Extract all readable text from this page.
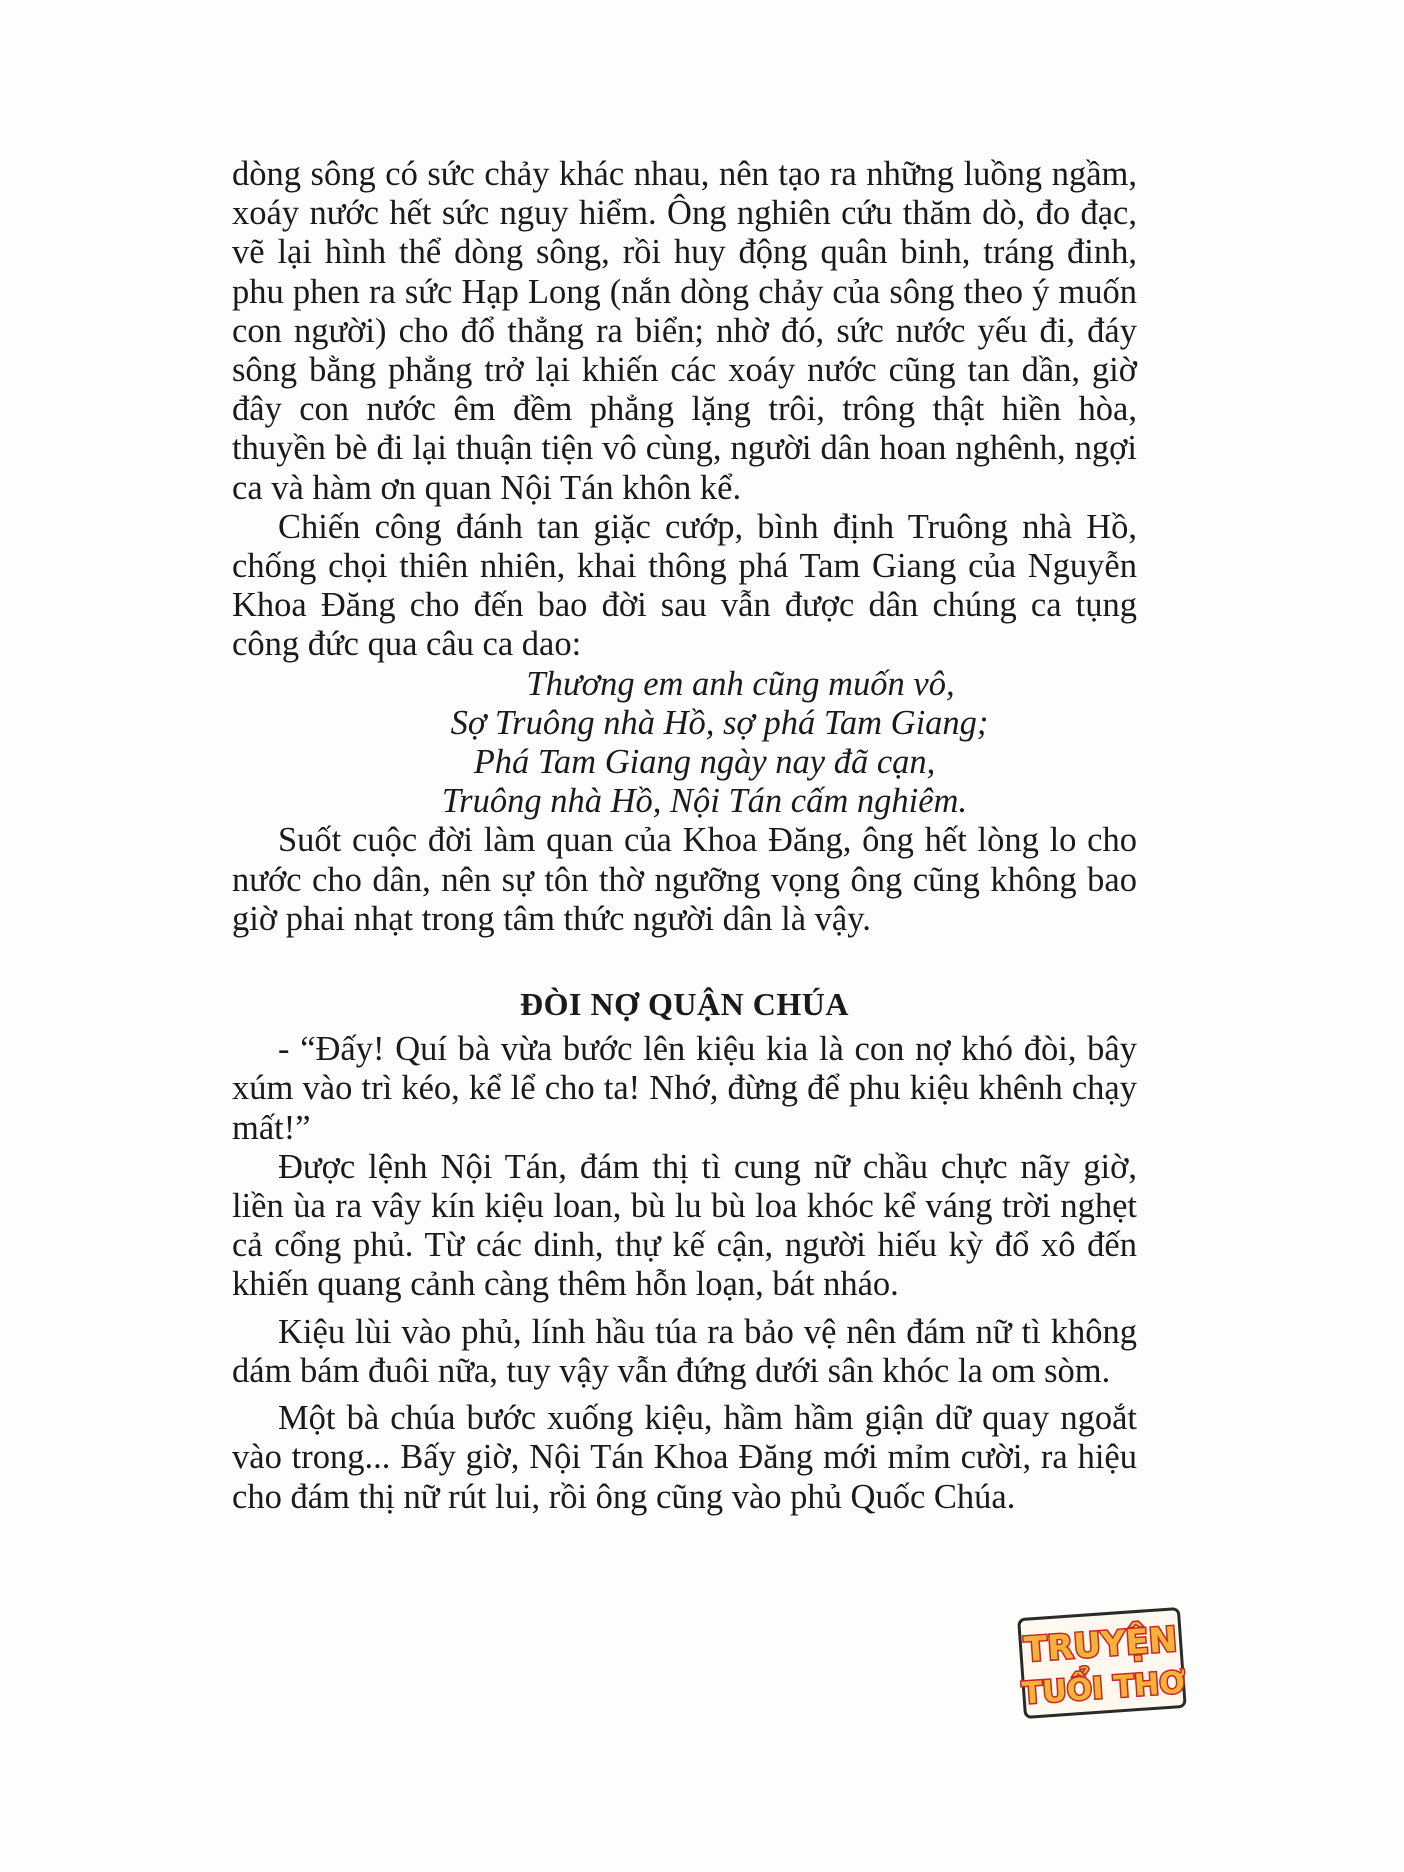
dòng sông có sức chảy khác nhau, nên tạo ra những luồng ngầm, xoáy nước hết sức nguy hiểm. Ông nghiên cứu thăm dò, đo đạc, vẽ lại hình thể dòng sông, rồi huy động quân binh, tráng đinh, phu phen ra sức Hạp Long (nắn dòng chảy của sông theo ý muốn con người) cho đổ thẳng ra biển; nhờ đó, sức nước yếu đi, đáy sông bằng phẳng trở lại khiến các xoáy nước cũng tan dần, giờ đây con nước êm đềm phẳng lặng trôi, trông thật hiền hòa, thuyền bè đi lại thuận tiện vô cùng, người dân hoan nghênh, ngợi ca và hàm ơn quan Nội Tán khôn kể.

Chiến công đánh tan giặc cướp, bình định Truông nhà Hồ, chống chọi thiên nhiên, khai thông phá Tam Giang của Nguyễn Khoa Đăng cho đến bao đời sau vẫn được dân chúng ca tụng công đức qua câu ca dao:

Thương em anh cũng muốn vô,
Sợ Truông nhà Hồ, sợ phá Tam Giang;
Phá Tam Giang ngày nay đã cạn,
Truông nhà Hồ, Nội Tán cấm nghiêm.

Suốt cuộc đời làm quan của Khoa Đăng, ông hết lòng lo cho nước cho dân, nên sự tôn thờ ngưỡng vọng ông cũng không bao giờ phai nhạt trong tâm thức người dân là vậy.

ĐÒI NỢ QUẬN CHÚA

- “Đấy! Quí bà vừa bước lên kiệu kia là con nợ khó đòi, bây xúm vào trì kéo, kể lể cho ta! Nhớ, đừng để phu kiệu khênh chạy mất!”

Được lệnh Nội Tán, đám thị tì cung nữ chầu chực nãy giờ, liền ùa ra vây kín kiệu loan, bù lu bù loa khóc kể váng trời nghẹt cả cổng phủ. Từ các dinh, thự kế cận, người hiếu kỳ đổ xô đến khiến quang cảnh càng thêm hỗn loạn, bát nháo.

Kiệu lùi vào phủ, lính hầu túa ra bảo vệ nên đám nữ tì không dám bám đuôi nữa, tuy vậy vẫn đứng dưới sân khóc la om sòm.

Một bà chúa bước xuống kiệu, hầm hầm giận dữ quay ngoắt vào trong... Bấy giờ, Nội Tán Khoa Đăng mới mỉm cười, ra hiệu cho đám thị nữ rút lui, rồi ông cũng vào phủ Quốc Chúa.

TRUYỆN
TUỔI THƠ
